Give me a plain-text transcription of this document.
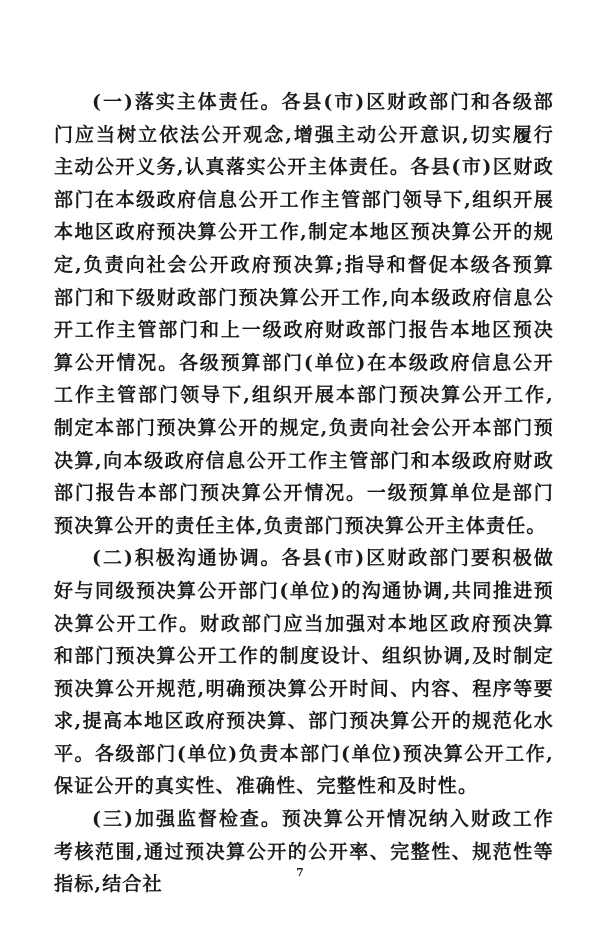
(一)落实主体责任。各县(市)区财政部门和各级部门应当树立依法公开观念,增强主动公开意识,切实履行主动公开义务,认真落实公开主体责任。各县(市)区财政部门在本级政府信息公开工作主管部门领导下,组织开展本地区政府预决算公开工作,制定本地区预决算公开的规定,负责向社会公开政府预决算;指导和督促本级各预算部门和下级财政部门预决算公开工作,向本级政府信息公开工作主管部门和上一级政府财政部门报告本地区预决算公开情况。各级预算部门(单位)在本级政府信息公开工作主管部门领导下,组织开展本部门预决算公开工作,制定本部门预决算公开的规定,负责向社会公开本部门预决算,向本级政府信息公开工作主管部门和本级政府财政部门报告本部门预决算公开情况。一级预算单位是部门预决算公开的责任主体,负责部门预决算公开主体责任。

(二)积极沟通协调。各县(市)区财政部门要积极做好与同级预决算公开部门(单位)的沟通协调,共同推进预决算公开工作。财政部门应当加强对本地区政府预决算和部门预决算公开工作的制度设计、组织协调,及时制定预决算公开规范,明确预决算公开时间、内容、程序等要求,提高本地区政府预决算、部门预决算公开的规范化水平。各级部门(单位)负责本部门(单位)预决算公开工作,保证公开的真实性、准确性、完整性和及时性。

(三)加强监督检查。预决算公开情况纳入财政工作考核范围,通过预决算公开的公开率、完整性、规范性等指标,结合社

7
